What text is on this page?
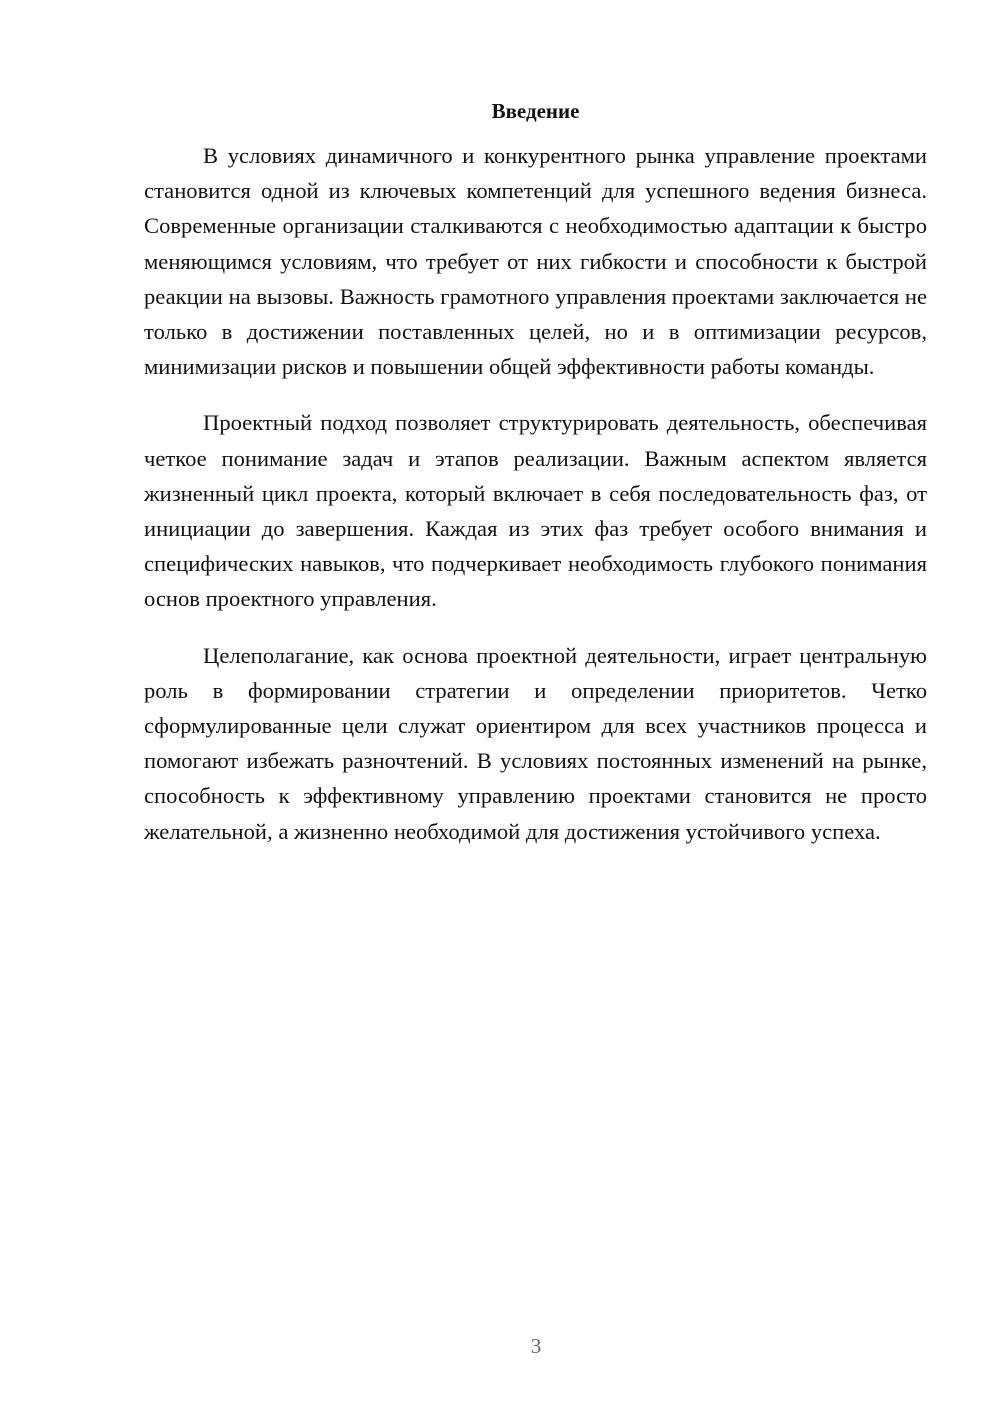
Введение

В условиях динамичного и конкурентного рынка управление проектами становится одной из ключевых компетенций для успешного ведения бизнеса. Современные организации сталкиваются с необходимостью адаптации к быстро меняющимся условиям, что требует от них гибкости и способности к быстрой реакции на вызовы. Важность грамотного управления проектами заключается не только в достижении поставленных целей, но и в оптимизации ресурсов, минимизации рисков и повышении общей эффективности работы команды.

Проектный подход позволяет структурировать деятельность, обеспечивая четкое понимание задач и этапов реализации. Важным аспектом является жизненный цикл проекта, который включает в себя последовательность фаз, от инициации до завершения. Каждая из этих фаз требует особого внимания и специфических навыков, что подчеркивает необходимость глубокого понимания основ проектного управления.

Целеполагание, как основа проектной деятельности, играет центральную роль в формировании стратегии и определении приоритетов. Четко сформулированные цели служат ориентиром для всех участников процесса и помогают избежать разночтений. В условиях постоянных изменений на рынке, способность к эффективному управлению проектами становится не просто желательной, а жизненно необходимой для достижения устойчивого успеха.

3
